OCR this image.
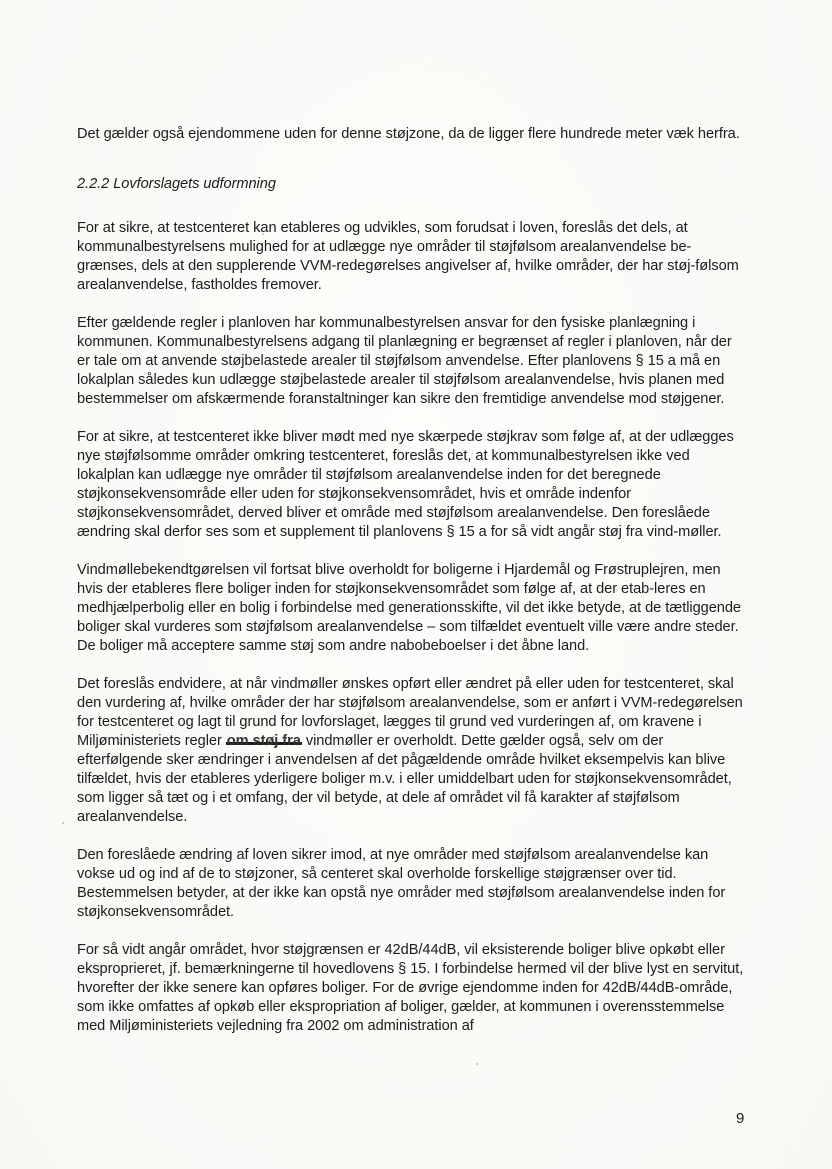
Det gælder også ejendommene uden for denne støjzone, da de ligger flere hundrede meter væk herfra.

2.2.2 Lovforslagets udformning

For at sikre, at testcenteret kan etableres og udvikles, som forudsat i loven, foreslås det dels, at kommunalbestyrelsens mulighed for at udlægge nye områder til støjfølsom arealanvendelse be-grænses, dels at den supplerende VVM-redegørelses angivelser af, hvilke områder, der har støj-følsom arealanvendelse, fastholdes fremover.

Efter gældende regler i planloven har kommunalbestyrelsen ansvar for den fysiske planlægning i kommunen. Kommunalbestyrelsens adgang til planlægning er begrænset af regler i planloven, når der er tale om at anvende støjbelastede arealer til støjfølsom anvendelse. Efter planlovens § 15 a må en lokalplan således kun udlægge støjbelastede arealer til støjfølsom arealanvendelse, hvis planen med bestemmelser om afskærmende foranstaltninger kan sikre den fremtidige anvendelse mod støjgener.

For at sikre, at testcenteret ikke bliver mødt med nye skærpede støjkrav som følge af, at der udlægges nye støjfølsomme områder omkring testcenteret, foreslås det, at kommunalbestyrelsen ikke ved lokalplan kan udlægge nye områder til støjfølsom arealanvendelse inden for det beregnede støjkonsekvensområde eller uden for støjkonsekvensområdet, hvis et område indenfor støjkonsekvensområdet, derved bliver et område med støjfølsom arealanvendelse. Den foreslåede ændring skal derfor ses som et supplement til planlovens § 15 a for så vidt angår støj fra vind-møller.

Vindmøllebekendtgørelsen vil fortsat blive overholdt for boligerne i Hjardemål og Frøstruplejren, men hvis der etableres flere boliger inden for støjkonsekvensområdet som følge af, at der etab-leres en medhjælperbolig eller en bolig i forbindelse med generationsskifte, vil det ikke betyde, at de tætliggende boliger skal vurderes som støjfølsom arealanvendelse – som tilfældet eventuelt ville være andre steder. De boliger må acceptere samme støj som andre nabobeboelser i det åbne land.

Det foreslås endvidere, at når vindmøller ønskes opført eller ændret på eller uden for testcenteret, skal den vurdering af, hvilke områder der har støjfølsom arealanvendelse, som er anført i VVM-redegørelsen for testcenteret og lagt til grund for lovforslaget, lægges til grund ved vurderingen af, om kravene i Miljøministeriets regler om støj fra vindmøller er overholdt. Dette gælder også, selv om der efterfølgende sker ændringer i anvendelsen af det pågældende område hvilket eksempelvis kan blive tilfældet, hvis der etableres yderligere boliger m.v. i eller umiddelbart uden for støjkonsekvensområdet, som ligger så tæt og i et omfang, der vil betyde, at dele af området vil få karakter af støjfølsom arealanvendelse.

Den foreslåede ændring af loven sikrer imod, at nye områder med støjfølsom arealanvendelse kan vokse ud og ind af de to støjzoner, så centeret skal overholde forskellige støjgrænser over tid. Bestemmelsen betyder, at der ikke kan opstå nye områder med støjfølsom arealanvendelse inden for støjkonsekvensområdet.

For så vidt angår området, hvor støjgrænsen er 42dB/44dB, vil eksisterende boliger blive opkøbt eller eksproprieret, jf. bemærkningerne til hovedlovens § 15. I forbindelse hermed vil der blive lyst en servitut, hvorefter der ikke senere kan opføres boliger. For de øvrige ejendomme inden for 42dB/44dB-område, som ikke omfattes af opkøb eller ekspropriation af boliger, gælder, at kommunen i overensstemmelse med Miljøministeriets vejledning fra 2002 om administration af

9
